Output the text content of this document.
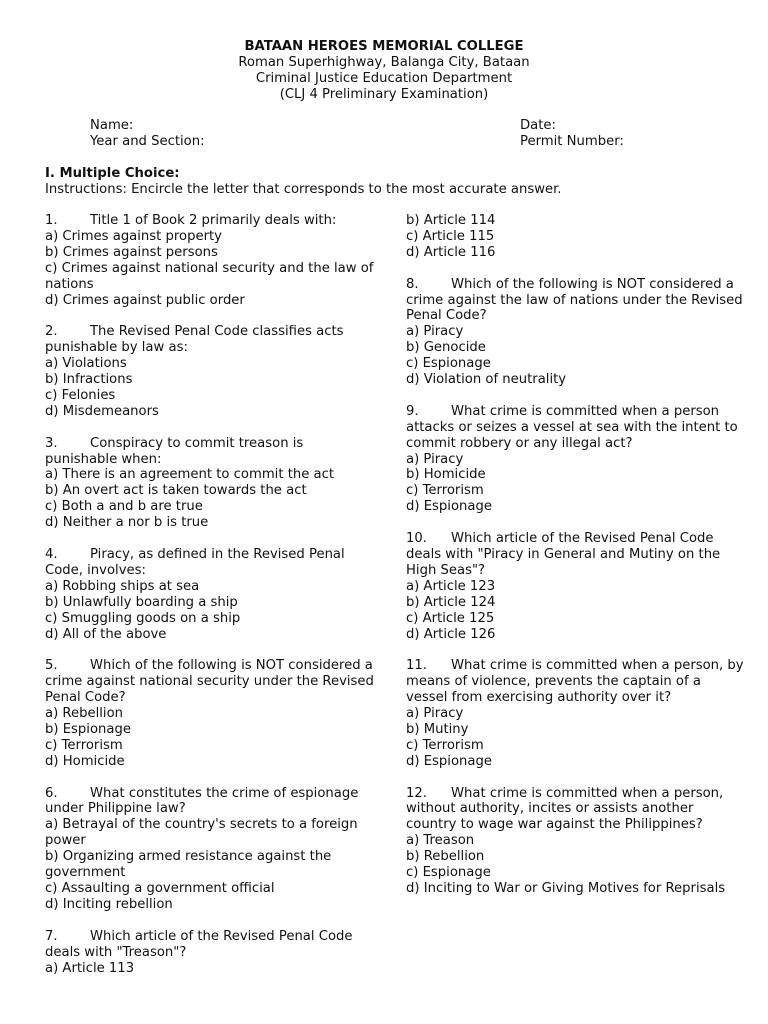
BATAAN HEROES MEMORIAL COLLEGE
Roman Superhighway, Balanga City, Bataan
Criminal Justice Education Department
(CLJ 4 Preliminary Examination)
Name:	Date:
Year and Section:	Permit Number:
I. Multiple Choice:
Instructions: Encircle the letter that corresponds to the most accurate answer.
1. Title 1 of Book 2 primarily deals with:
a) Crimes against property
b) Crimes against persons
c) Crimes against national security and the law of nations
d) Crimes against public order
2. The Revised Penal Code classifies acts punishable by law as:
a) Violations
b) Infractions
c) Felonies
d) Misdemeanors
3. Conspiracy to commit treason is punishable when:
a) There is an agreement to commit the act
b) An overt act is taken towards the act
c) Both a and b are true
d) Neither a nor b is true
4. Piracy, as defined in the Revised Penal Code, involves:
a) Robbing ships at sea
b) Unlawfully boarding a ship
c) Smuggling goods on a ship
d) All of the above
5. Which of the following is NOT considered a crime against national security under the Revised Penal Code?
a) Rebellion
b) Espionage
c) Terrorism
d) Homicide
6. What constitutes the crime of espionage under Philippine law?
a) Betrayal of the country's secrets to a foreign power
b) Organizing armed resistance against the government
c) Assaulting a government official
d) Inciting rebellion
7. Which article of the Revised Penal Code deals with "Treason"?
a) Article 113
b) Article 114
c) Article 115
d) Article 116
8. Which of the following is NOT considered a crime against the law of nations under the Revised Penal Code?
a) Piracy
b) Genocide
c) Espionage
d) Violation of neutrality
9. What crime is committed when a person attacks or seizes a vessel at sea with the intent to commit robbery or any illegal act?
a) Piracy
b) Homicide
c) Terrorism
d) Espionage
10. Which article of the Revised Penal Code deals with "Piracy in General and Mutiny on the High Seas"?
a) Article 123
b) Article 124
c) Article 125
d) Article 126
11. What crime is committed when a person, by means of violence, prevents the captain of a vessel from exercising authority over it?
a) Piracy
b) Mutiny
c) Terrorism
d) Espionage
12. What crime is committed when a person, without authority, incites or assists another country to wage war against the Philippines?
a) Treason
b) Rebellion
c) Espionage
d) Inciting to War or Giving Motives for Reprisals
